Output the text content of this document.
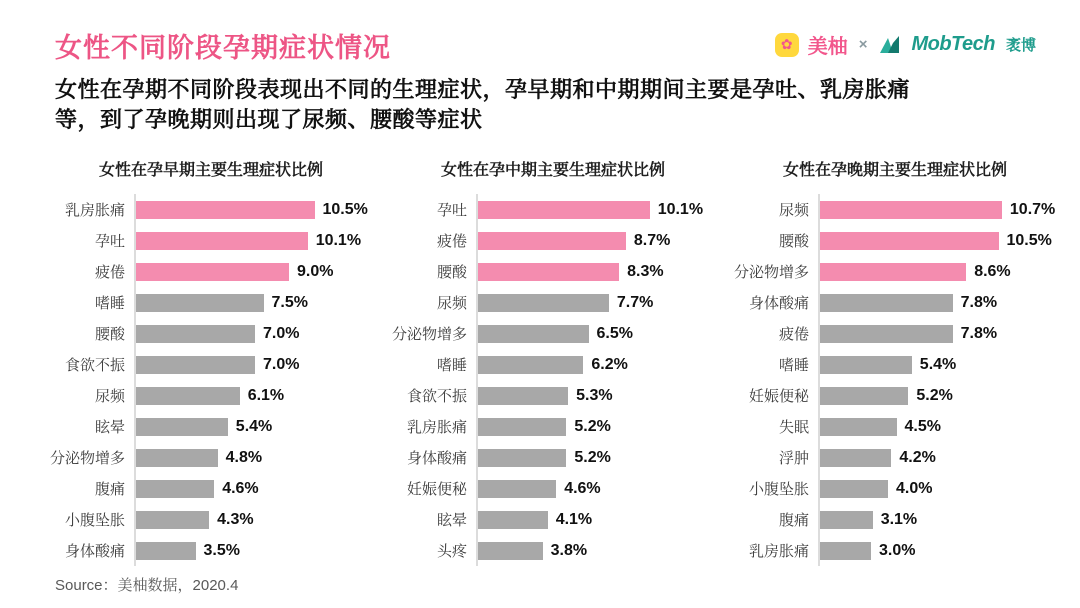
女性不同阶段孕期症状情况	✿ 美柚 × MobTech 袤博
女性在孕期不同阶段表现出不同的生理症状，孕早期和中期期间主要是孕吐、乳房胀痛
等，到了孕晚期则出现了尿频、腰酸等症状
女性在孕早期主要生理症状比例
乳房胀痛	10.5%
孕吐	10.1%
疲倦	9.0%
嗜睡	7.5%
腰酸	7.0%
食欲不振	7.0%
尿频	6.1%
眩晕	5.4%
分泌物增多	4.8%
腹痛	4.6%
小腹坠胀	4.3%
身体酸痛	3.5%
女性在孕中期主要生理症状比例
孕吐	10.1%
疲倦	8.7%
腰酸	8.3%
尿频	7.7%
分泌物增多	6.5%
嗜睡	6.2%
食欲不振	5.3%
乳房胀痛	5.2%
身体酸痛	5.2%
妊娠便秘	4.6%
眩晕	4.1%
头疼	3.8%
女性在孕晚期主要生理症状比例
尿频	10.7%
腰酸	10.5%
分泌物增多	8.6%
身体酸痛	7.8%
疲倦	7.8%
嗜睡	5.4%
妊娠便秘	5.2%
失眠	4.5%
浮肿	4.2%
小腹坠胀	4.0%
腹痛	3.1%
乳房胀痛	3.0%
Source：美柚数据，2020.4
